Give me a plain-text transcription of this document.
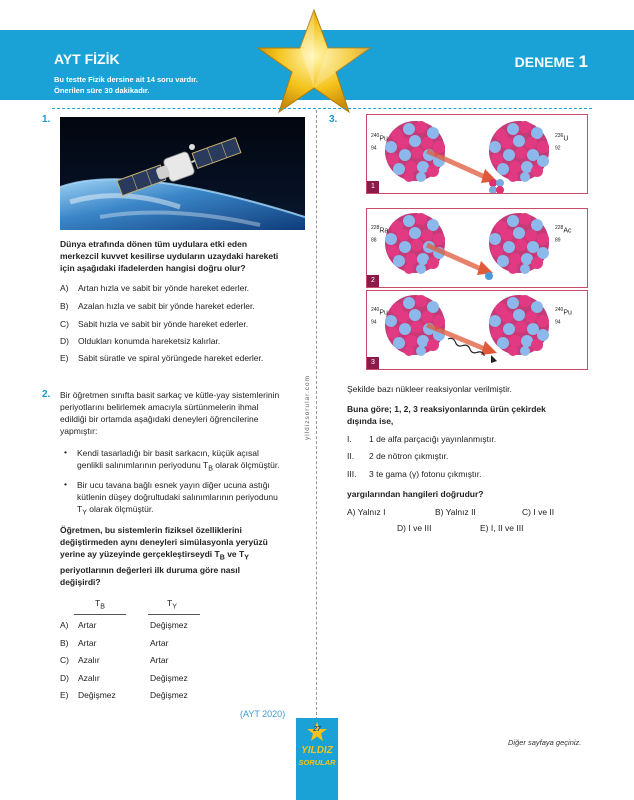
AYT FİZİK
Bu testte Fizik dersine ait 14 soru vardır.
Önerilen süre 30 dakikadır.
DENEME 1
yildizsorular.com
1.
Dünya etrafında dönen tüm uydulara etki eden
merkezcil kuvvet kesilirse uyduların uzaydaki hareketi
için aşağıdaki ifadelerden hangisi doğru olur?
A) Artan hızla ve sabit bir yönde hareket ederler.
B) Azalan hızla ve sabit bir yönde hareket ederler.
C) Sabit hızla ve sabit bir yönde hareket ederler.
D) Oldukları konumda hareketsiz kalırlar.
E) Sabit süratle ve spiral yörüngede hareket ederler.
2. Bir öğretmen sınıfta basit sarkaç ve kütle-yay sistemlerinin
periyotlarını belirlemek amacıyla sürtünmelerin ihmal
edildiği bir ortamda aşağıdaki deneyleri öğrencilerine
yapmıştır:
• Kendi tasarladığı bir basit sarkacın, küçük açısal
genlikli salınımlarının periyodunu $T_B$ olarak ölçmüştür.
• Bir ucu tavana bağlı esnek yayın diğer ucuna astığı
kütlenin düşey doğrultudaki salınımlarının periyodunu
$T_Y$ olarak ölçmüştür.
Öğretmen, bu sistemlerin fiziksel özelliklerini
değiştirmeden aynı deneyleri simülasyonla yeryüzü
yerine ay yüzeyinde gerçekleştirseydi $T_B$ ve $T_Y$
periyotlarının değerleri ilk duruma göre nasıl
değişirdi?
$T_B$	$T_Y$
A) Artar	Değişmez
B) Artar	Artar
C) Azalır	Artar
D) Azalır	Değişmez
E) Değişmez	Değişmez
(AYT 2020)
3.
$^{240}$Pu
$_{94}$
$^{236}$U
$_{92}$
1
$^{228}$Ra
$_{88}$
$^{228}$Ac
$_{89}$
2
$^{240}$Pu
$_{94}$
$^{240}$Pu
$_{94}$
3
Şekilde bazı nükleer reaksiyonlar verilmiştir.
Buna göre; 1, 2, 3 reaksiyonlarında ürün çekirdek
dışında ise,
I. 1 de alfa parçacığı yayınlanmıştır.
II. 2 de nötron çıkmıştır.
III. 3 te gama (γ) fotonu çıkmıştır.
yargılarından hangileri doğrudur?
A) Yalnız I	B) Yalnız II	C) I ve II
D) I ve III	E) I, II ve III
Diğer sayfaya geçiniz.
27
YILDIZ
SORULAR
